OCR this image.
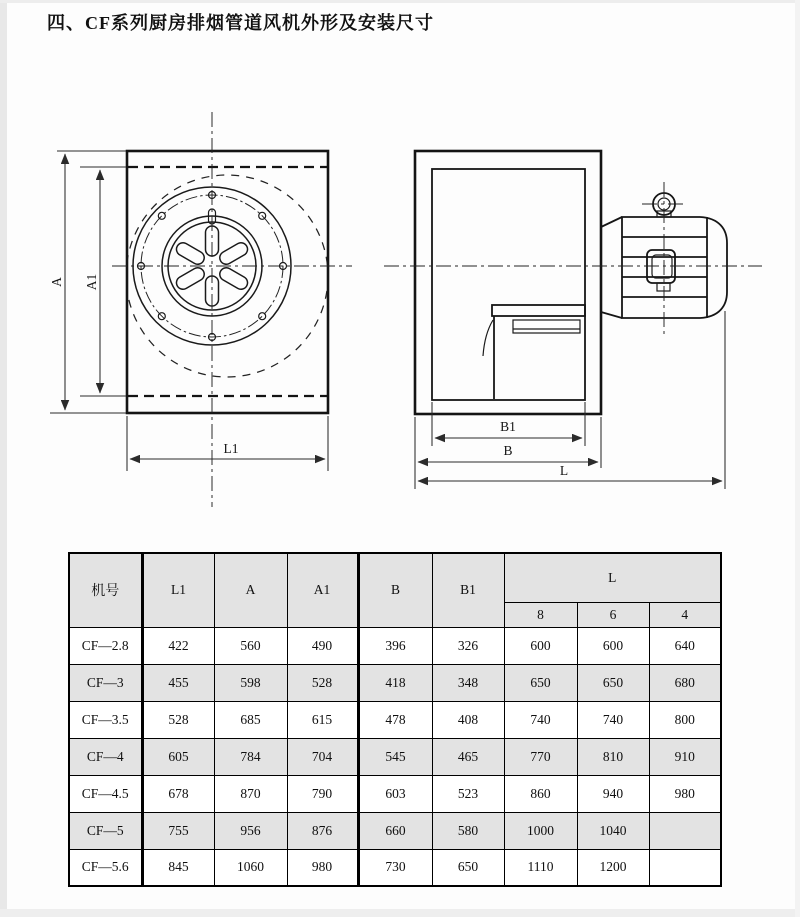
四、CF系列厨房排烟管道风机外形及安装尺寸
A A1
L1
B1
B
L
机号	L1	A	A1	B	B1	L		
						8	6	4
CF—2.8	422	560	490	396	326	600	600	640
CF—3	455	598	528	418	348	650	650	680
CF—3.5	528	685	615	478	408	740	740	800
CF—4	605	784	704	545	465	770	810	910
CF—4.5	678	870	790	603	523	860	940	980
CF—5	755	956	876	660	580	1000	1040	
CF—5.6	845	1060	980	730	650	1110	1200	
